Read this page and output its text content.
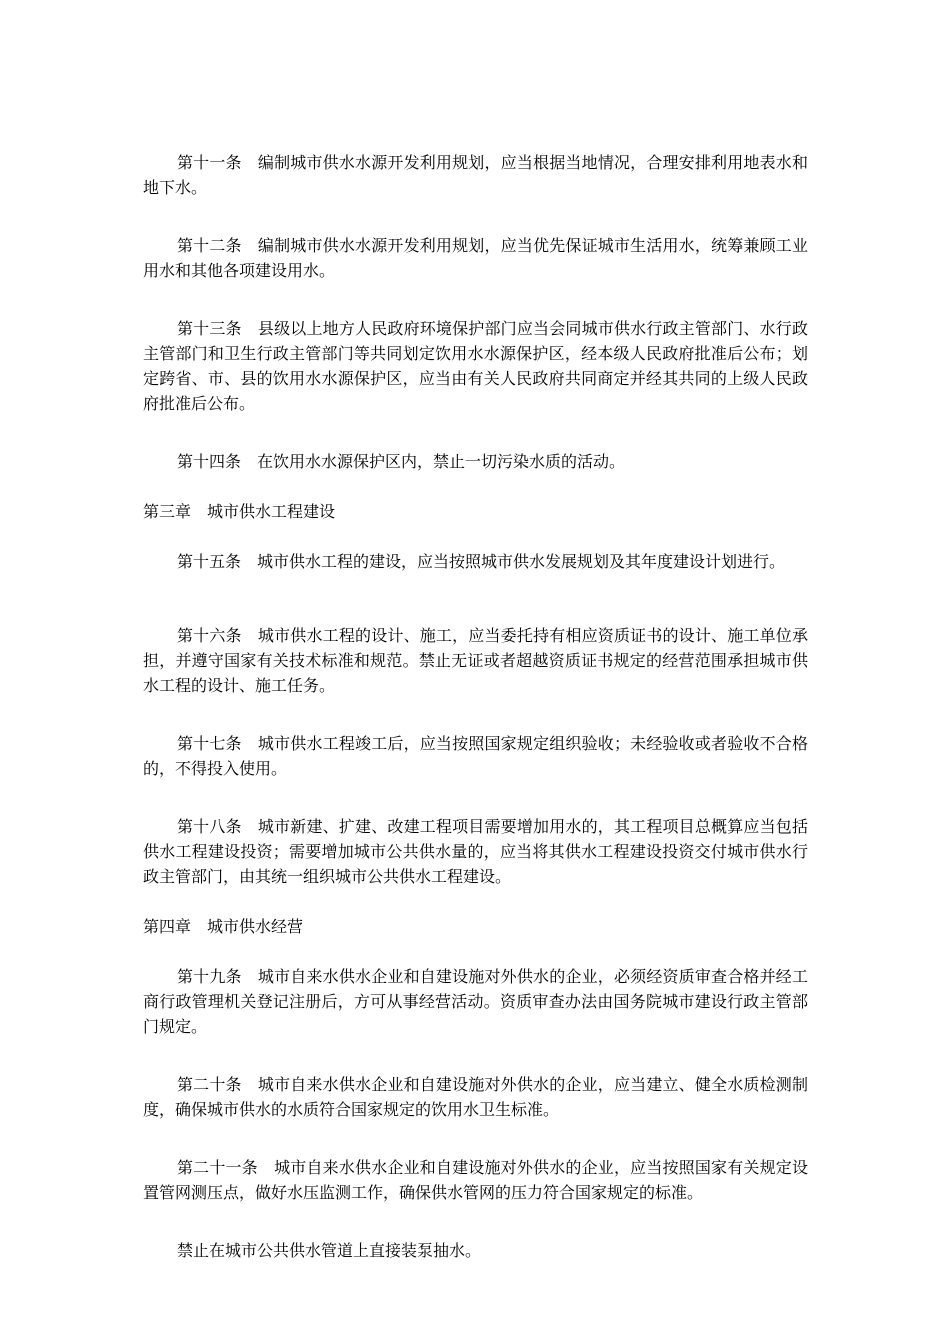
第十一条　 编制城市供水水源开发利用规划，应当根据当地情况，合理安排利用地表水和地下水。

第十二条　 编制城市供水水源开发利用规划，应当优先保证城市生活用水，统筹兼顾工业用水和其他各项建设用水。

第十三条　 县级以上地方人民政府环境保护部门应当会同城市供水行政主管部门、水行政主管部门和卫生行政主管部门等共同划定饮用水水源保护区，经本级人民政府批准后公布；划定跨省、市、县的饮用水水源保护区，应当由有关人民政府共同商定并经其共同的上级人民政府批准后公布。

第十四条　 在饮用水水源保护区内，禁止一切污染水质的活动。

第三章　 城市供水工程建设

第十五条　 城市供水工程的建设，应当按照城市供水发展规划及其年度建设计划进行。

第十六条　 城市供水工程的设计、施工，应当委托持有相应资质证书的设计、施工单位承担，并遵守国家有关技术标准和规范。禁止无证或者超越资质证书规定的经营范围承担城市供水工程的设计、施工任务。

第十七条　 城市供水工程竣工后，应当按照国家规定组织验收；未经验收或者验收不合格的，不得投入使用。

第十八条　 城市新建、扩建、改建工程项目需要增加用水的，其工程项目总概算应当包括供水工程建设投资；需要增加城市公共供水量的，应当将其供水工程建设投资交付城市供水行政主管部门，由其统一组织城市公共供水工程建设。

第四章　 城市供水经营

第十九条　 城市自来水供水企业和自建设施对外供水的企业，必须经资质审查合格并经工商行政管理机关登记注册后，方可从事经营活动。资质审查办法由国务院城市建设行政主管部门规定。

第二十条　 城市自来水供水企业和自建设施对外供水的企业，应当建立、健全水质检测制度，确保城市供水的水质符合国家规定的饮用水卫生标准。

第二十一条　 城市自来水供水企业和自建设施对外供水的企业，应当按照国家有关规定设置管网测压点，做好水压监测工作，确保供水管网的压力符合国家规定的标准。

禁止在城市公共供水管道上直接装泵抽水。
